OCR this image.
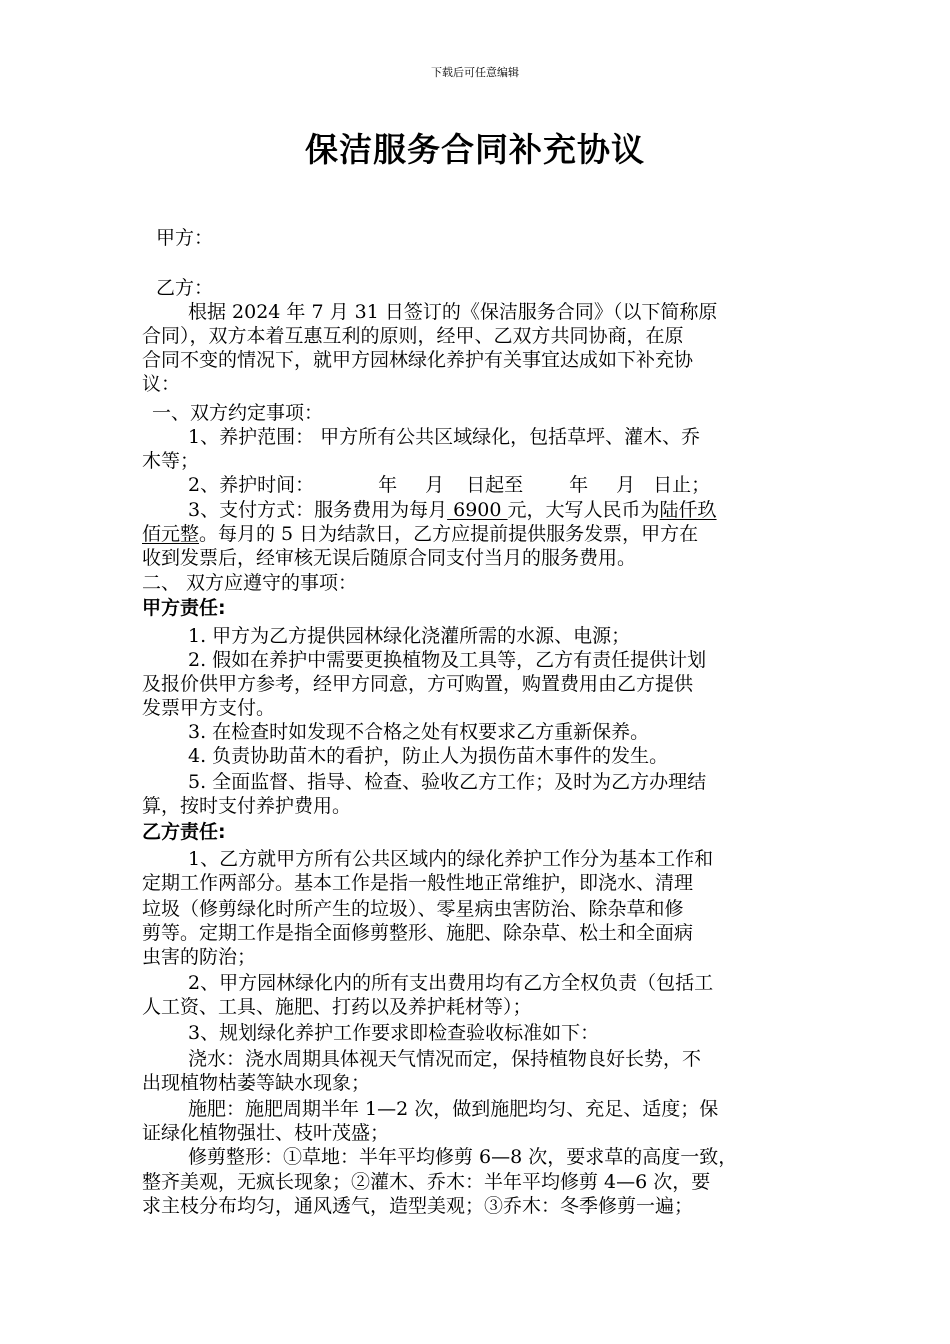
下载后可任意编辑
保洁服务合同补充协议
甲方：
乙方：
根据 2024 年 7 月 31 日签订的《保洁服务合同》（以下简称原
合同），双方本着互惠互利的原则，经甲、乙双方共同协商，在原
合同不变的情况下，就甲方园林绿化养护有关事宜达成如下补充协
议：
一、双方约定事项：
1、养护范围： 甲方所有公共区域绿化，包括草坪、灌木、乔
木等；
2、养护时间：	年 月 日起至 年 月 日止；
3、支付方式：服务费用为每月 6900 元，大写人民币为陆仟玖
佰元整。每月的 5 日为结款日，乙方应提前提供服务发票，甲方在
收到发票后，经审核无误后随原合同支付当月的服务费用。
二、 双方应遵守的事项：
甲方责任:
1. 甲方为乙方提供园林绿化浇灌所需的水源、电源；
2. 假如在养护中需要更换植物及工具等，乙方有责任提供计划
及报价供甲方参考，经甲方同意，方可购置，购置费用由乙方提供
发票甲方支付。
3. 在检查时如发现不合格之处有权要求乙方重新保养。
4. 负责协助苗木的看护，防止人为损伤苗木事件的发生。
5. 全面监督、指导、检查、验收乙方工作；及时为乙方办理结
算，按时支付养护费用。
乙方责任:
1、乙方就甲方所有公共区域内的绿化养护工作分为基本工作和
定期工作两部分。基本工作是指一般性地正常维护，即浇水、清理
垃圾（修剪绿化时所产生的垃圾）、零星病虫害防治、除杂草和修
剪等。定期工作是指全面修剪整形、施肥、除杂草、松土和全面病
虫害的防治；
2、甲方园林绿化内的所有支出费用均有乙方全权负责（包括工
人工资、工具、施肥、打药以及养护耗材等）；
3、规划绿化养护工作要求即检查验收标准如下：
浇水：浇水周期具体视天气情况而定，保持植物良好长势，不
出现植物枯萎等缺水现象；
施肥：施肥周期半年 1—2 次，做到施肥均匀、充足、适度；保
证绿化植物强壮、枝叶茂盛；
修剪整形：①草地：半年平均修剪 6—8 次，要求草的高度一致，
整齐美观，无疯长现象；②灌木、乔木：半年平均修剪 4—6 次，要
求主枝分布均匀，通风透气，造型美观；③乔木：冬季修剪一遍；
